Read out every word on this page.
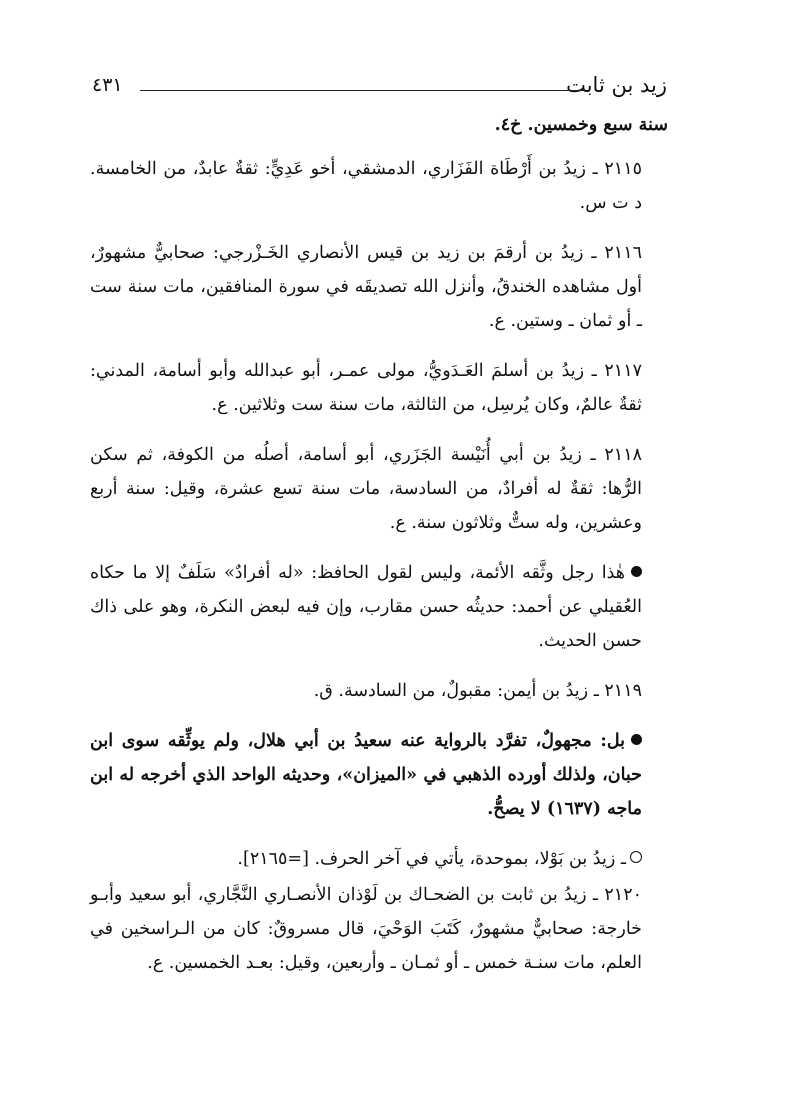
زيد بن ثابت
٤٣١

سنة سبع وخمسين. خ٤.

٢١١٥ ـ زيدُ بن أَرْطَاة الفَزَاري، الدمشقي، أخو عَدِيٍّ: ثقةٌ عابدٌ، من الخامسة. د ت س.

٢١١٦ ـ زيدُ بن أرقمَ بن زيد بن قيس الأنصاري الخَـزْرجي: صحابيٌّ مشهورٌ، أول مشاهده الخندقُ، وأنزل الله تصديقَه في سورة المنافقين، مات سنة ست ـ أو ثمان ـ وستين. ع.

٢١١٧ ـ زيدُ بن أسلمَ العَـدَويُّ، مولى عمـر، أبو عبدالله وأبو أسامة، المدني: ثقةٌ عالمٌ، وكان يُرسِل، من الثالثة، مات سنة ست وثلاثين. ع.

٢١١٨ ـ زيدُ بن أبي أُنَيْسة الجَزَري، أبو أسامة، أصلُه من الكوفة، ثم سكن الرُّها: ثقةٌ له أفرادٌ، من السادسة، مات سنة تسع عشرة، وقيل: سنة أربع وعشرين، وله ستٌّ وثلاثون سنة. ع.

هٰذا رجل وثَّقه الأئمة، وليس لقول الحافظ: «له أفرادٌ» سَلَفٌ إلا ما حكاه العُقيلي عن أحمد: حديثُه حسن مقارب، وإن فيه لبعض النكرة، وهو على ذاك حسن الحديث.

٢١١٩ ـ زيدُ بن أيمن: مقبولٌ، من السادسة. ق.

بل: مجهولٌ، تفرَّد بالرواية عنه سعيدُ بن أبي هلال، ولم يوثِّقه سوى ابن حبان، ولذلك أورده الذهبي في «الميزان»، وحديثه الواحد الذي أخرجه له ابن ماجه (١٦٣٧) لا يصحُّ.

ـ زيدُ بن بَوْلا، بموحدة، يأتي في آخر الحرف. [=٢١٦٥].

٢١٢٠ ـ زيدُ بن ثابت بن الضحـاك بن لَوْذان الأنصـاري النَّجَّاري، أبو سعيد وأبـو خارجة: صحابيٌّ مشهورٌ، كَتَبَ الوَحْيَ، قال مسروقٌ: كان من الـراسخين في العلم، مات سنـة خمس ـ أو ثمـان ـ وأربعين، وقيل: بعـد الخمسين. ع.
